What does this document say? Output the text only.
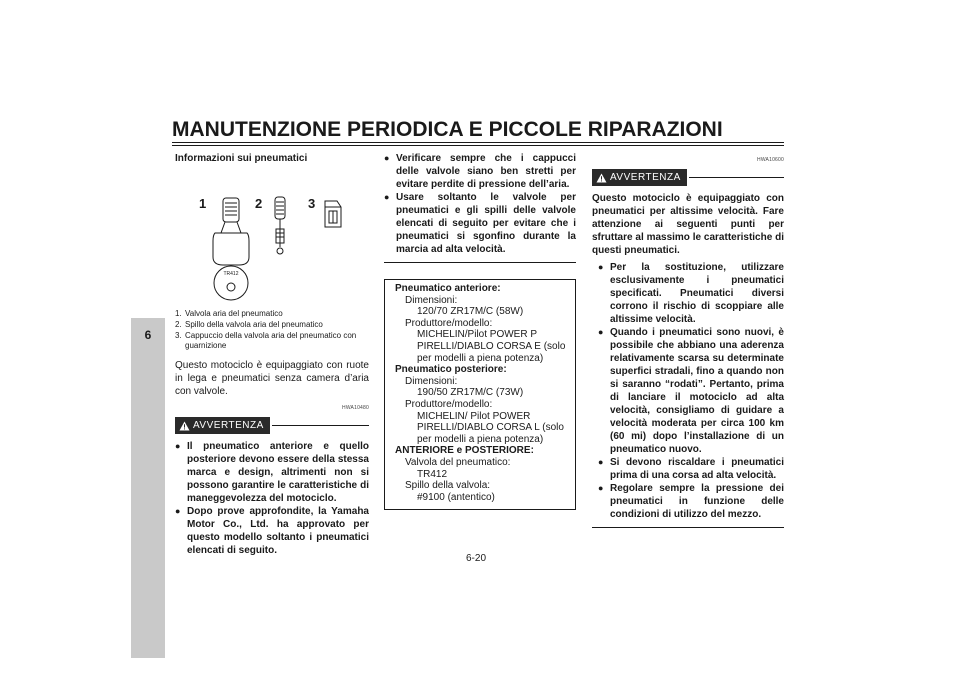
MANUTENZIONE PERIODICA E PICCOLE RIPARAZIONI
6
Informazioni sui pneumatici
1	2	3
TR412
1. Valvola aria del pneumatico
2. Spillo della valvola aria del pneumatico
3. Cappuccio della valvola aria del pneumatico con guarnizione

Questo motociclo è equipaggiato con ruote in lega e pneumatici senza camera d’aria con valvole.

HWA10480
AVVERTENZA
● Il pneumatico anteriore e quello posteriore devono essere della stessa marca e design, altrimenti non si possono garantire le caratteristiche di maneggevolezza del motociclo.
● Dopo prove approfondite, la Yamaha Motor Co., Ltd. ha approvato per questo modello soltanto i pneumatici elencati di seguito.
● Verificare sempre che i cappucci delle valvole siano ben stretti per evitare perdite di pressione dell’aria.
● Usare soltanto le valvole per pneumatici e gli spilli delle valvole elencati di seguito per evitare che i pneumatici si sgonfino durante la marcia ad alta velocità.
Pneumatico anteriore:
Dimensioni:
120/70 ZR17M/C (58W)
Produttore/modello:
MICHELIN/Pilot POWER P
PIRELLI/DIABLO CORSA E (solo per modelli a piena potenza)
Pneumatico posteriore:
Dimensioni:
190/50 ZR17M/C (73W)
Produttore/modello:
MICHELIN/ Pilot POWER
PIRELLI/DIABLO CORSA L (solo per modelli a piena potenza)
ANTERIORE e POSTERIORE:
Valvola del pneumatico:
TR412
Spillo della valvola:
#9100 (antentico)
HWA10600
AVVERTENZA

Questo motociclo è equipaggiato con pneumatici per altissime velocità. Fare attenzione ai seguenti punti per sfruttare al massimo le caratteristiche di questi pneumatici.

● Per la sostituzione, utilizzare esclusivamente i pneumatici specificati. Pneumatici diversi corrono il rischio di scoppiare alle altissime velocità.
● Quando i pneumatici sono nuovi, è possibile che abbiano una aderenza relativamente scarsa su determinate superfici stradali, fino a quando non si saranno “rodati”. Pertanto, prima di lanciare il motociclo ad alta velocità, consigliamo di guidare a velocità moderata per circa 100 km (60 mi) dopo l’installazione di un pneumatico nuovo.
● Si devono riscaldare i pneumatici prima di una corsa ad alta velocità.
● Regolare sempre la pressione dei pneumatici in funzione delle condizioni di utilizzo del mezzo.
6-20
